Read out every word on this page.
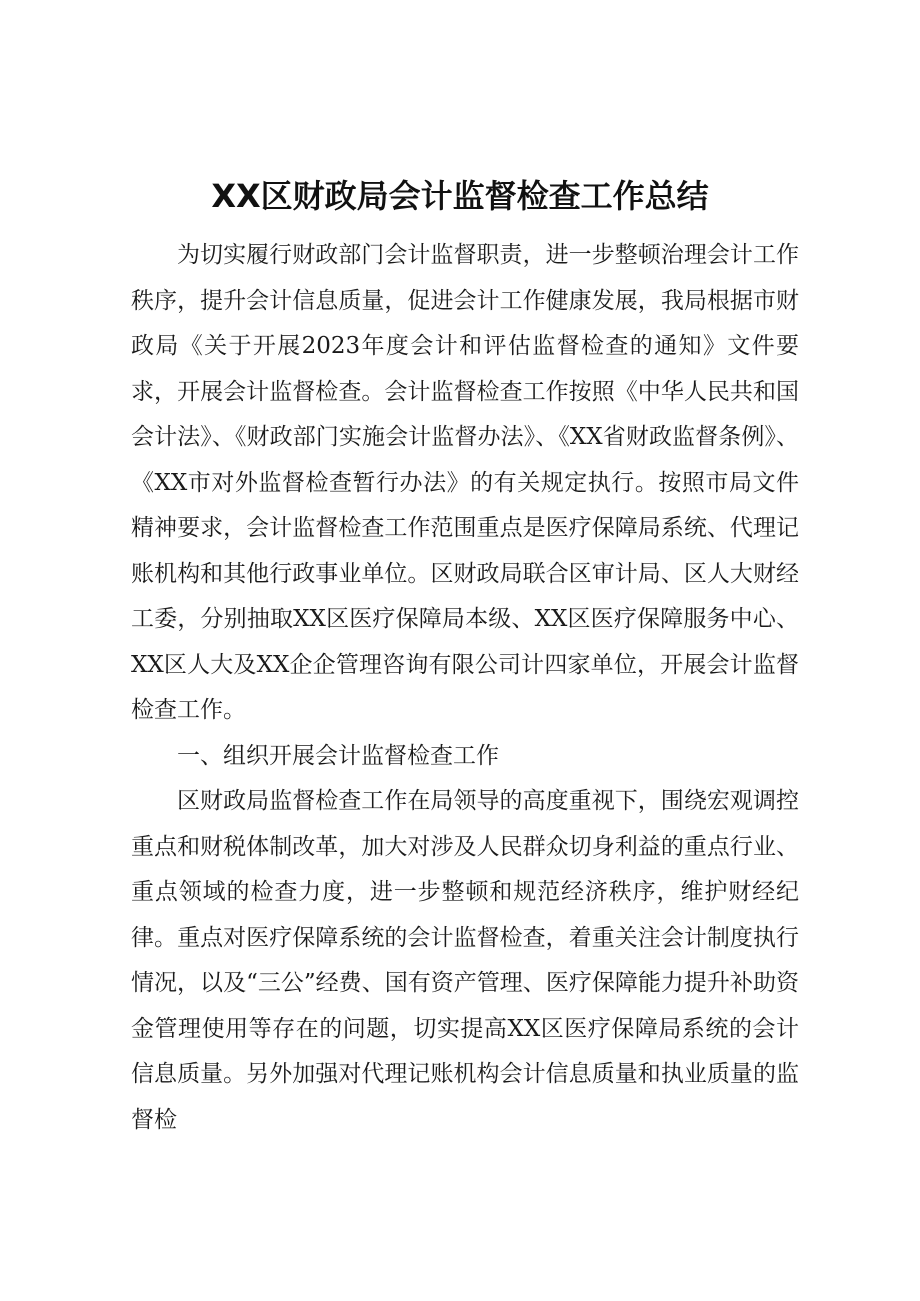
XX区财政局会计监督检查工作总结

为切实履行财政部门会计监督职责，进一步整顿治理会计工作秩序，提升会计信息质量，促进会计工作健康发展，我局根据市财政局《关于开展2023年度会计和评估监督检查的通知》文件要求，开展会计监督检查。会计监督检查工作按照《中华人民共和国会计法》、《财政部门实施会计监督办法》、《XX省财政监督条例》、《XX市对外监督检查暂行办法》的有关规定执行。按照市局文件精神要求，会计监督检查工作范围重点是医疗保障局系统、代理记账机构和其他行政事业单位。区财政局联合区审计局、区人大财经工委，分别抽取XX区医疗保障局本级、XX区医疗保障服务中心、XX区人大及XX企企管理咨询有限公司计四家单位，开展会计监督检查工作。

一、组织开展会计监督检查工作

区财政局监督检查工作在局领导的高度重视下，围绕宏观调控重点和财税体制改革，加大对涉及人民群众切身利益的重点行业、重点领域的检查力度，进一步整顿和规范经济秩序，维护财经纪律。重点对医疗保障系统的会计监督检查，着重关注会计制度执行情况，以及“三公”经费、国有资产管理、医疗保障能力提升补助资金管理使用等存在的问题，切实提高XX区医疗保障局系统的会计信息质量。另外加强对代理记账机构会计信息质量和执业质量的监督检
